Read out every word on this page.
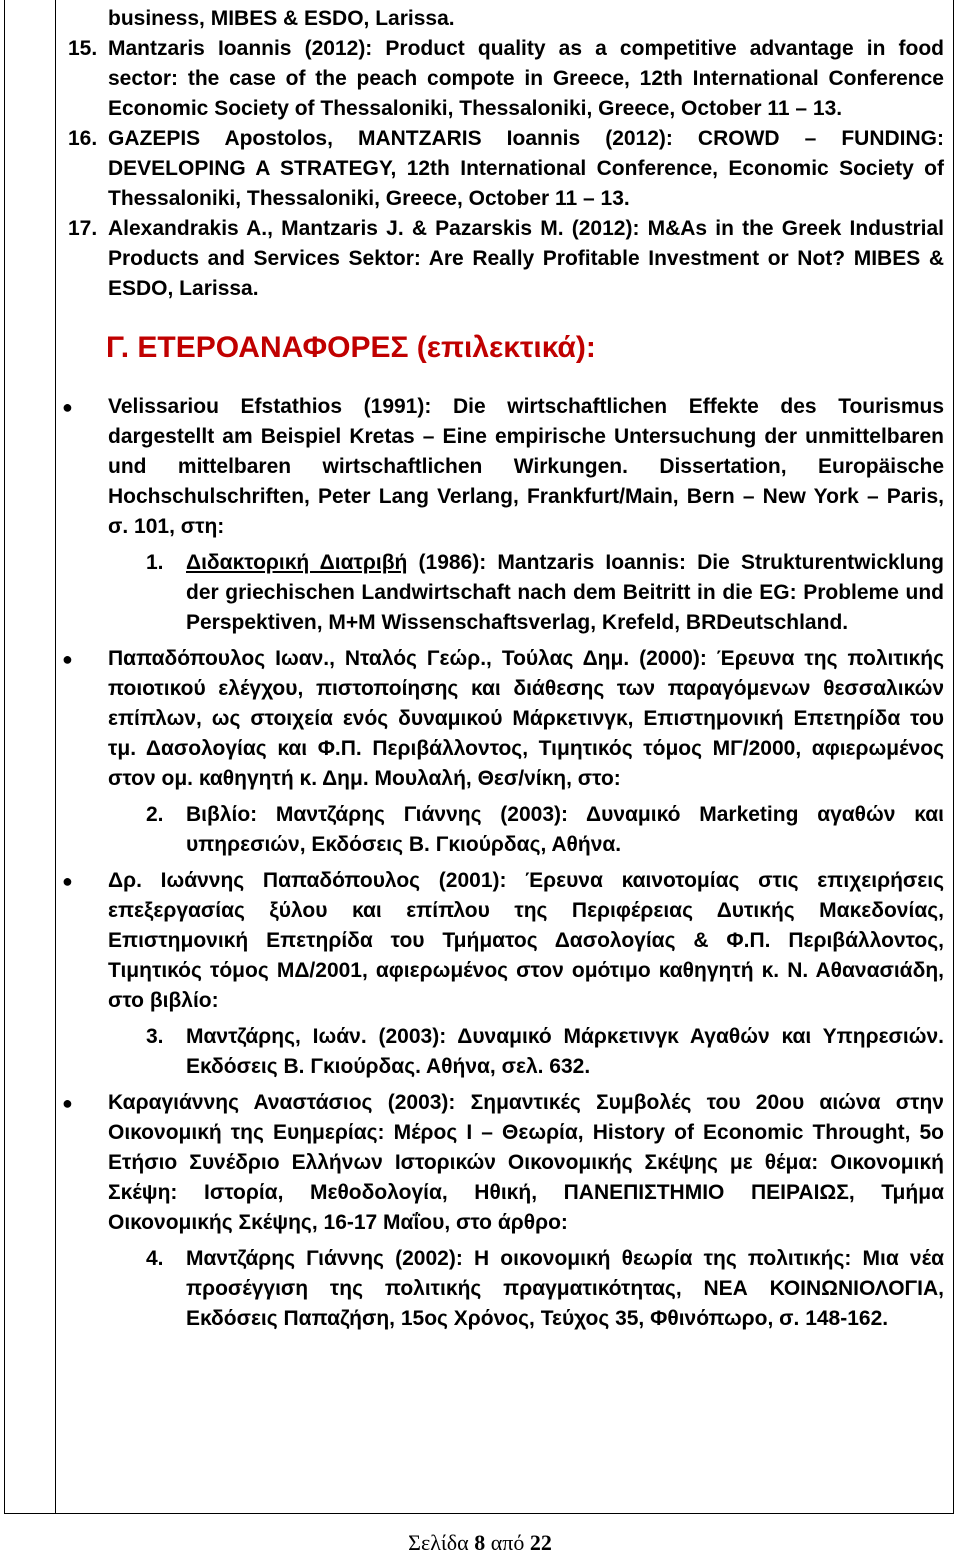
business, MIBES & ESDO, Larissa.

15. Mantzaris Ioannis (2012): Product quality as a competitive advantage in food sector: the case of the peach compote in Greece, 12th International Conference Economic Society of Thessaloniki, Thessaloniki, Greece, October 11 – 13.
16. GAZEPIS Apostolos, MANTZARIS Ioannis (2012): CROWD – FUNDING: DEVELOPING A STRATEGY, 12th International Conference, Economic Society of Thessaloniki, Thessaloniki, Greece, October 11 – 13.
17. Alexandrakis A., Mantzaris J. & Pazarskis M. (2012): M&As in the Greek Industrial Products and Services Sektor: Are Really Profitable Investment or Not? MIBES & ESDO, Larissa.
Γ. ΕΤΕΡΟΑΝΑΦΟΡΕΣ (επιλεκτικά):
●	Velissariou Efstathios (1991): Die wirtschaftlichen Effekte des Tourismus dargestellt am Beispiel Kretas – Eine empirische Untersuchung der unmittelbaren und mittelbaren wirtschaftlichen Wirkungen. Dissertation, Europäische Hochschulschriften, Peter Lang Verlang, Frankfurt/Main, Bern – New York – Paris, σ. 101, στη:
1.	Διδακτορική Διατριβή (1986): Mantzaris Ioannis: Die Strukturentwicklung der griechischen Landwirtschaft nach dem Beitritt in die EG: Probleme und Perspektiven, M+M Wissenschaftsverlag, Krefeld, BRDeutschland.
●	Παπαδόπουλος Ιωαν., Νταλός Γεώρ., Τούλας Δημ. (2000): Έρευνα της πολιτικής ποιοτικού ελέγχου, πιστοποίησης και διάθεσης των παραγόμενων θεσσαλικών επίπλων, ως στοιχεία ενός δυναμικού Μάρκετινγκ, Επιστημονική Επετηρίδα του τμ. Δασολογίας και Φ.Π. Περιβάλλοντος, Τιμητικός τόμος ΜΓ/2000, αφιερωμένος στον ομ. καθηγητή κ. Δημ. Μουλαλή, Θεσ/νίκη, στο:
2.	Βιβλίο: Μαντζάρης Γιάννης (2003): Δυναμικό Marketing αγαθών και υπηρεσιών, Εκδόσεις Β. Γκιούρδας, Αθήνα.
●	Δρ. Ιωάννης Παπαδόπουλος (2001): Έρευνα καινοτομίας στις επιχειρήσεις επεξεργασίας ξύλου και επίπλου της Περιφέρειας Δυτικής Μακεδονίας, Επιστημονική Επετηρίδα του Τμήματος Δασολογίας & Φ.Π. Περιβάλλοντος, Τιμητικός τόμος ΜΔ/2001, αφιερωμένος στον ομότιμο καθηγητή κ. Ν. Αθανασιάδη, στο βιβλίο:
3.	Μαντζάρης, Ιωάν. (2003): Δυναμικό Μάρκετινγκ Αγαθών και Υπηρεσιών. Εκδόσεις Β. Γκιούρδας. Αθήνα, σελ. 632.
●	Καραγιάννης Αναστάσιος (2003): Σημαντικές Συμβολές του 20ου αιώνα στην Οικονομική της Ευημερίας: Μέρος Ι – Θεωρία, History of Economic Throught, 5ο Ετήσιο Συνέδριο Ελλήνων Ιστορικών Οικονομικής Σκέψης με θέμα: Οικονομική Σκέψη: Ιστορία, Μεθοδολογία, Ηθική, ΠΑΝΕΠΙΣΤΗΜΙΟ ΠΕΙΡΑΙΩΣ, Τμήμα Οικονομικής Σκέψης, 16-17 Μαΐου, στο άρθρο:
4.	Μαντζάρης Γιάννης (2002): Η οικονομική θεωρία της πολιτικής: Μια νέα προσέγγιση της πολιτικής πραγματικότητας, ΝΕΑ ΚΟΙΝΩΝΙΟΛΟΓΙΑ, Εκδόσεις Παπαζήση, 15ος Χρόνος, Τεύχος 35, Φθινόπωρο, σ. 148-162.
Σελίδα 8 από 22
